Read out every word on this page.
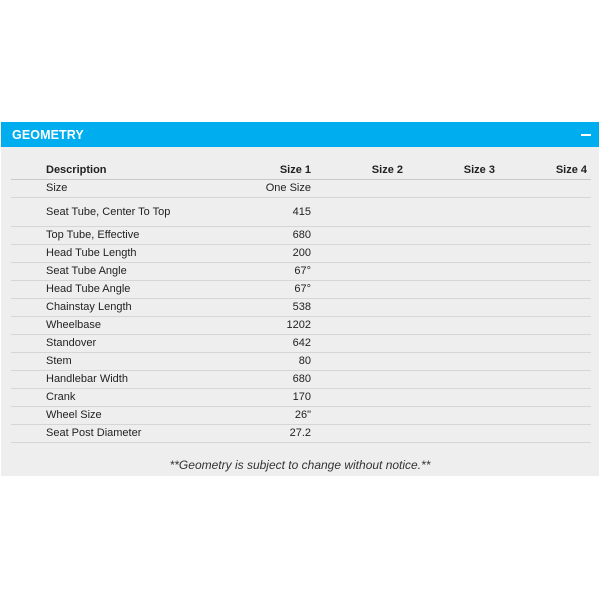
GEOMETRY
Description	Size 1	Size 2	Size 3	Size 4
Size	One Size			
Seat Tube, Center To Top	415			
Top Tube, Effective	680			
Head Tube Length	200			
Seat Tube Angle	67°			
Head Tube Angle	67°			
Chainstay Length	538			
Wheelbase	1202			
Standover	642			
Stem	80			
Handlebar Width	680			
Crank	170			
Wheel Size	26"			
Seat Post Diameter	27.2			
**Geometry is subject to change without notice.**
